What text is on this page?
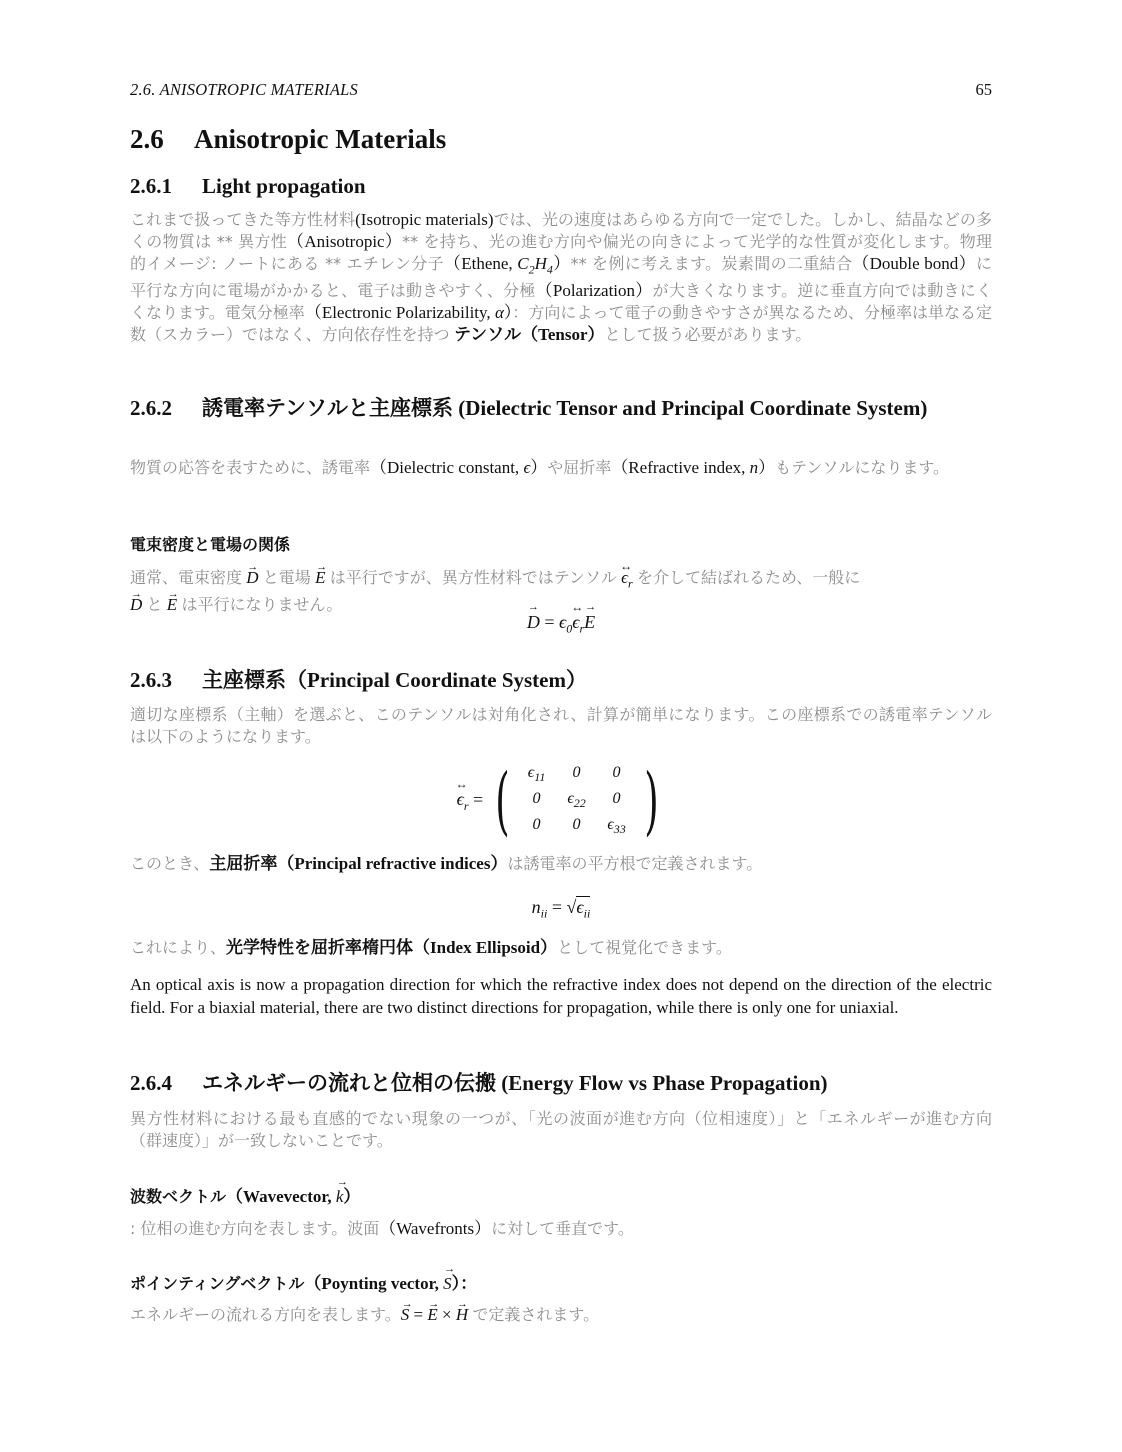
2.6. ANISOTROPIC MATERIALS	65
2.6 Anisotropic Materials
2.6.1 Light propagation
これまで扱ってきた等方性材料(Isotropic materials)では、光の速度はあらゆる方向で一定でした。しかし、結晶などの多くの物質は ** 異方性（Anisotropic）** を持ち、光の進む方向や偏光の向きによって光学的な性質が変化します。物理的イメージ: ノートにある ** エチレン分子（Ethene, $C_2H_4)**$ を例に考えます。炭素間の二重結合（Double bond）に平行な方向に電場がかかると、電子は動きやすく、分極（Polarization）が大きくなります。逆に垂直方向では動きにくくなります。電気分極率（Electronic Polarizability, α）：方向によって電子の動きやすさが異なるため、分極率は単なる定数（スカラー）ではなく、方向依存性を持つ テンソル（Tensor）として扱う必要があります。
2.6.2 誘電率テンソルと主座標系 (Dielectric Tensor and Principal Coordinate System)
物質の応答を表すために、誘電率（Dielectric constant, ϵ）や屈折率（Refractive index, n）もテンソルになります。
電束密度と電場の関係
通常、電束密度 → D と電場 → E は平行ですが、異方性材料ではテンソル ↔ $\epsilon_r$ を介して結ばれるため、一般に
→ D と → E は平行になりません。
→ $D = \epsilon_0\leftrightarrow$ $\epsilon_r\to E$
2.6.3 主座標系（Principal Coordinate System）
適切な座標系（主軸）を選ぶと、このテンソルは対角化され、計算が簡単になります。この座標系での誘電率テンソルは以下のようになります。
↔ $\epsilon_r$ = (	$\epsilon_{11}$	0	0
0	$\epsilon_{22}$	0
0	0	$\epsilon_{33}$ )
このとき、主屈折率（Principal refractive indices）は誘電率の平方根で定義されます。
$n_{ii} = √\epsilon_{ii}$
これにより、光学特性を屈折率楕円体（Index Ellipsoid）として視覚化できます。
An optical axis is now a propagation direction for which the refractive index does not depend on the direction of the electric field. For a biaxial material, there are two distinct directions for propagation, while there is only one for uniaxial.
2.6.4 エネルギーの流れと位相の伝搬 (Energy Flow vs Phase Propagation)
異方性材料における最も直感的でない現象の一つが、「光の波面が進む方向（位相速度）」と「エネルギーが進む方向（群速度）」が一致しないことです。
波数ベクトル（Wavevector, → k）
: 位相の進む方向を表します。波面（Wavefronts）に対して垂直です。
ポインティングベクトル（Poynting vector, → S）：
エネルギーの流れる方向を表します。→ S = → E × → H で定義されます。
